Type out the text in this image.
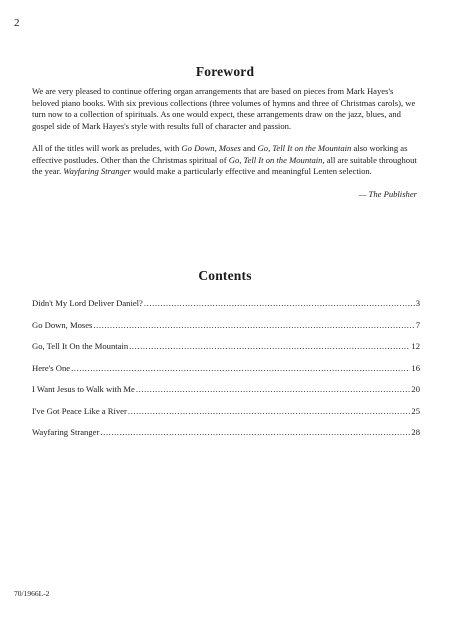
2
Foreword

We are very pleased to continue offering organ arrangements that are based on pieces from Mark Hayes's beloved piano books. With six previous collections (three volumes of hymns and three of Christmas carols), we turn now to a collection of spirituals. As one would expect, these arrangements draw on the jazz, blues, and gospel side of Mark Hayes's style with results full of character and passion.

All of the titles will work as preludes, with Go Down, Moses and Go, Tell It on the Mountain also working as effective postludes. Other than the Christmas spiritual of Go, Tell It on the Mountain, all are suitable throughout the year. Wayfaring Stranger would make a particularly effective and meaningful Lenten selection.

— The Publisher
Contents
Didn't My Lord Deliver Daniel? .....	3
Go Down, Moses .....	7
Go, Tell It On the Mountain .....	12
Here's One .....	16
I Want Jesus to Walk with Me .....	20
I've Got Peace Like a River .....	25
Wayfaring Stranger .....	28
70/1966L-2
